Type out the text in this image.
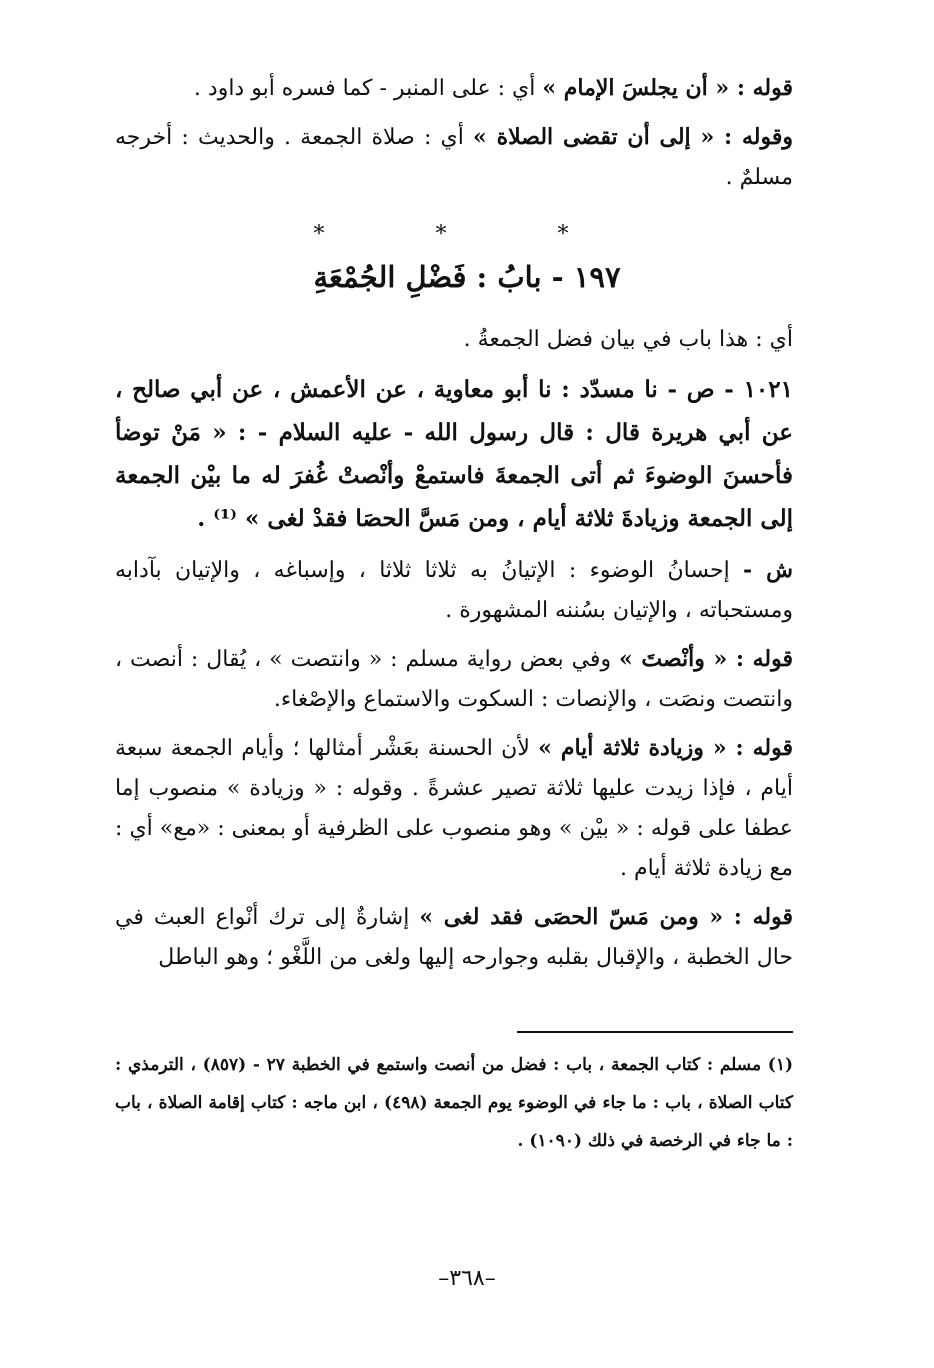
قوله : « أن يجلسَ الإمام » أي : على المنبر - كما فسره أبو داود .

وقوله : « إلى أن تقضى الصلاة » أي : صلاة الجمعة . والحديث : أخرجه مسلمٌ .

* * *
١٩٧ - بابُ : فَضْلِ الجُمْعَةِ

أي : هذا باب في بيان فضل الجمعةُ .

١٠٢١ - ص - نا مسدّد : نا أبو معاوية ، عن الأعمش ، عن أبي صالح ، عن أبي هريرة قال : قال رسول الله - عليه السلام - : « مَنْ توضأ فأحسنَ الوضوءَ ثم أتى الجمعةَ فاستمعْ وأنْصتْ غُفرَ له ما بيْن الجمعة إلى الجمعة وزيادةَ ثلاثة أيام ، ومن مَسَّ الحصَا فقدْ لغى » ⁽¹⁾ .

ش - إحسانُ الوضوء : الإتيانُ به ثلاثا ثلاثا ، وإسباغه ، والإتيان بآدابه ومستحباته ، والإتيان بسُننه المشهورة .

قوله : « وأنْصتَ » وفي بعض رواية مسلم : « وانتصت » ، يُقال : أنصت ، وانتصت ونصَت ، والإنصات : السكوت والاستماع والإصْغاء.

قوله : « وزيادة ثلاثة أيام » لأن الحسنة بعَشْر أمثالها ؛ وأيام الجمعة سبعة أيام ، فإذا زيدت عليها ثلاثة تصير عشرةً . وقوله : « وزيادة » منصوب إما عطفا على قوله : « بيْن » وهو منصوب على الظرفية أو بمعنى : «مع» أي : مع زيادة ثلاثة أيام .

قوله : « ومن مَسّ الحصَى فقد لغى » إشارةٌ إلى ترك أنْواع العبث في حال الخطبة ، والإقبال بقلبه وجوارحه إليها ولغى من اللَّغْو ؛ وهو الباطل

(١) مسلم : كتاب الجمعة ، باب : فضل من أنصت واستمع في الخطبة ٢٧ - (٨٥٧) ، الترمذي : كتاب الصلاة ، باب : ما جاء في الوضوء يوم الجمعة (٤٩٨) ، ابن ماجه : كتاب إقامة الصلاة ، باب : ما جاء في الرخصة في ذلك (١٠٩٠) .

–٣٦٨–
